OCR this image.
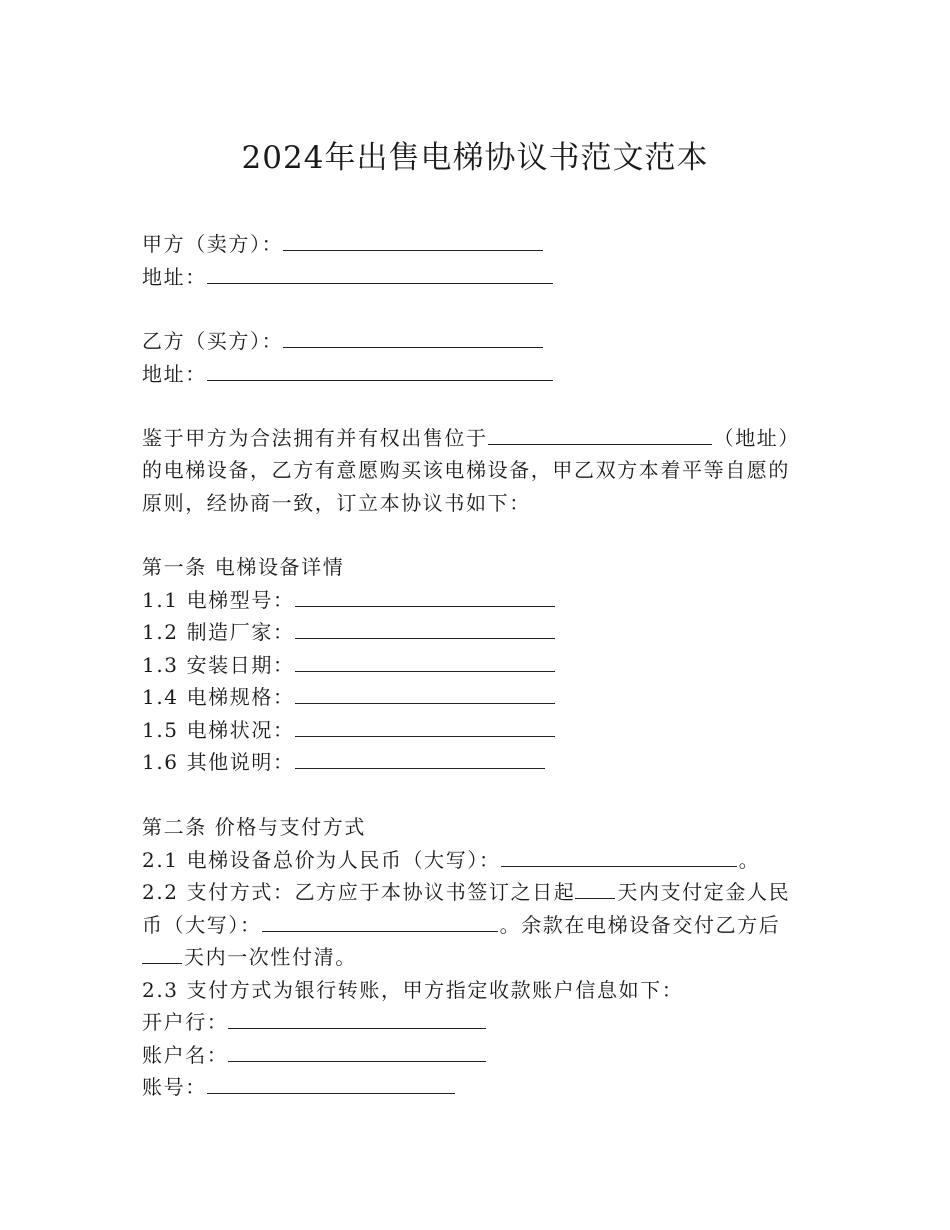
2024年出售电梯协议书范文范本
甲方（卖方）：
地址：
乙方（买方）：
地址：
鉴于甲方为合法拥有并有权出售位于	（地址）
的电梯设备，乙方有意愿购买该电梯设备，甲乙双方本着平等自愿的
原则，经协商一致，订立本协议书如下：
第一条 电梯设备详情
1.1 电梯型号：
1.2 制造厂家：
1.3 安装日期：
1.4 电梯规格：
1.5 电梯状况：
1.6 其他说明：
第二条 价格与支付方式
2.1 电梯设备总价为人民币（大写）：	。
2.2 支付方式：乙方应于本协议书签订之日起 天内支付定金人民
币（大写）：	。余款在电梯设备交付乙方后
天内一次性付清。
2.3 支付方式为银行转账，甲方指定收款账户信息如下：
开户行：
账户名：
账号：
